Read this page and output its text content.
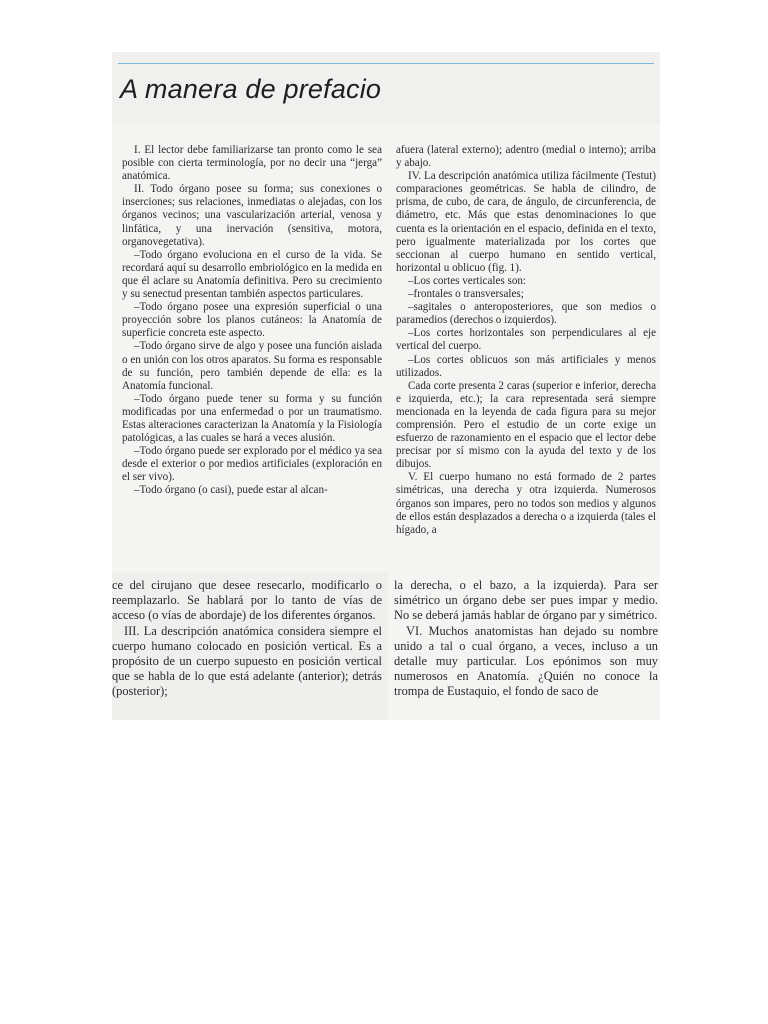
A manera de prefacio

I. El lector debe familiarizarse tan pronto como le sea posible con cierta terminología, por no decir una “jerga” anatómica.

II. Todo órgano posee su forma; sus conexiones o inserciones; sus relaciones, inmediatas o alejadas, con los órganos vecinos; una vascularización arterial, venosa y linfática, y una inervación (sensitiva, motora, organovegetativa).

–Todo órgano evoluciona en el curso de la vida. Se recordará aquí su desarrollo embriológico en la medida en que él aclare su Anatomía definitiva. Pero su crecimiento y su senectud presentan también aspectos particulares.

–Todo órgano posee una expresión superficial o una proyección sobre los planos cutáneos: la Anatomía de superficie concreta este aspecto.

–Todo órgano sirve de algo y posee una función aislada o en unión con los otros aparatos. Su forma es responsable de su función, pero también depende de ella: es la Anatomía funcional.

–Todo órgano puede tener su forma y su función modificadas por una enfermedad o por un traumatismo. Estas alteraciones caracterizan la Anatomía y la Fisiología patológicas, a las cuales se hará a veces alusión.

–Todo órgano puede ser explorado por el médico ya sea desde el exterior o por medios artificiales (exploración en el ser vivo).

–Todo órgano (o casi), puede estar al alcan-

afuera (lateral externo); adentro (medial o interno); arriba y abajo.

IV. La descripción anatómica utiliza fácilmente (Testut) comparaciones geométricas. Se habla de cilindro, de prisma, de cubo, de cara, de ángulo, de circunferencia, de diámetro, etc. Más que estas denominaciones lo que cuenta es la orientación en el espacio, definida en el texto, pero igualmente materializada por los cortes que seccionan al cuerpo humano en sentido vertical, horizontal u oblicuo (fig. 1).

–Los cortes verticales son:

–frontales o transversales;

–sagitales o anteroposteriores, que son medios o paramedios (derechos o izquierdos).

–Los cortes horizontales son perpendiculares al eje vertical del cuerpo.

–Los cortes oblicuos son más artificiales y menos utilizados.

Cada corte presenta 2 caras (superior e inferior, derecha e izquierda, etc.); la cara representada será siempre mencionada en la leyenda de cada figura para su mejor comprensión. Pero el estudio de un corte exige un esfuerzo de razonamiento en el espacio que el lector debe precisar por sí mismo con la ayuda del texto y de los dibujos.

V. El cuerpo humano no está formado de 2 partes simétricas, una derecha y otra izquierda. Numerosos órganos son impares, pero no todos son medios y algunos de ellos están desplazados a derecha o a izquierda (tales el hígado, a

ce del cirujano que desee resecarlo, modificarlo o reemplazarlo. Se hablará por lo tanto de vías de acceso (o vías de abordaje) de los diferentes órganos.

III. La descripción anatómica considera siempre el cuerpo humano colocado en posición vertical. Es a propósito de un cuerpo supuesto en posición vertical que se habla de lo que está adelante (anterior); detrás (posterior);

la derecha, o el bazo, a la izquierda). Para ser simétrico un órgano debe ser pues impar y medio. No se deberá jamás hablar de órgano par y simétrico.

VI. Muchos anatomistas han dejado su nombre unido a tal o cual órgano, a veces, incluso a un detalle muy particular. Los epónimos son muy numerosos en Anatomía. ¿Quién no conoce la trompa de Eustaquio, el fondo de saco de
